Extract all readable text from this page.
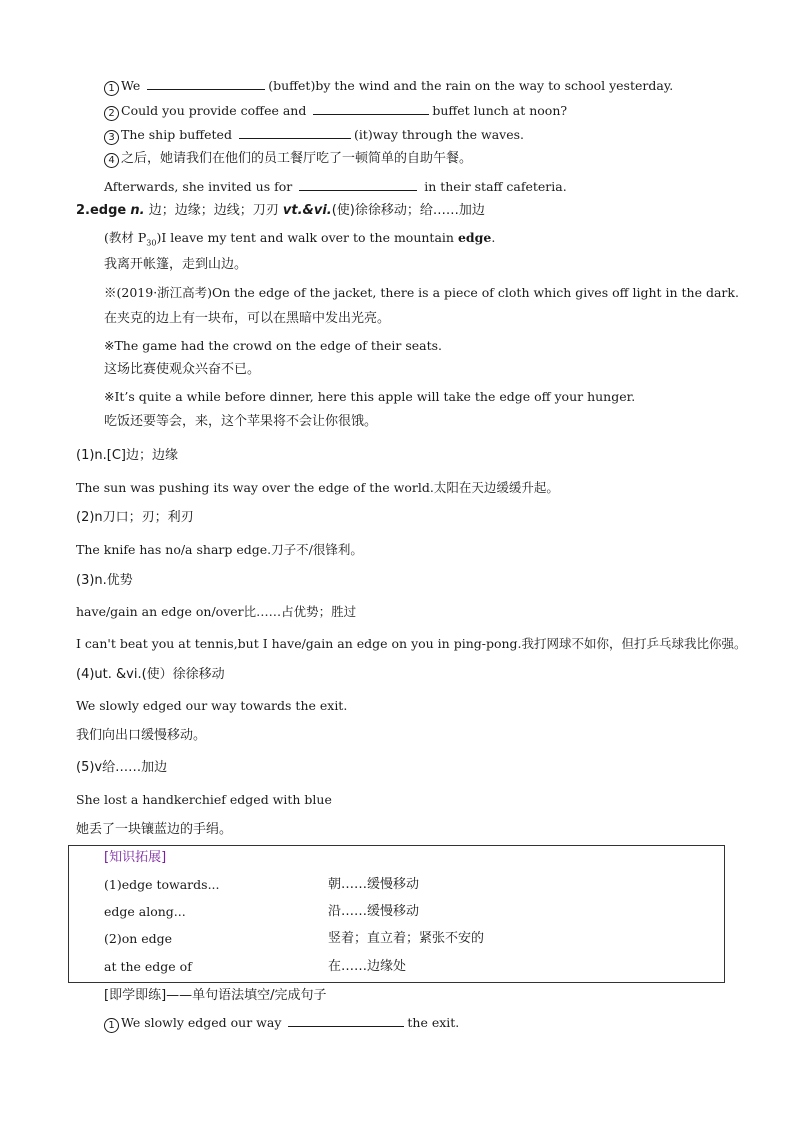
1 We	(buffet)by the wind and the rain on the way to school yesterday.
2 Could you provide coffee and	buffet lunch at noon?
3 The ship buffeted	(it)way through the waves.
4 之后，她请我们在他们的员工餐厅吃了一顿简单的自助午餐。
Afterwards, she invited us for	in their staff cafeteria.
2.edge n. 边；边缘；边线；刀刃 vt.&vi.(使)徐徐移动；给……加边
(教材 $P_{30})I$ leave my tent and walk over to the mountain edge.
我离开帐篷，走到山边。
※(2019·浙江高考)On the edge of the jacket, there is a piece of cloth which gives off light in the dark.
在夹克的边上有一块布，可以在黑暗中发出光亮。
※The game had the crowd on the edge of their seats.
这场比赛使观众兴奋不已。
※It’s quite a while before dinner, here this apple will take the edge off your hunger.
吃饭还要等会，来，这个苹果将不会让你很饿。
(1)n.[C]边；边缘
The sun was pushing its way over the edge of the world.太阳在天边缓缓升起。
(2)n刀口；刃；利刃
The knife has no/a sharp edge.刀子不/很锋利。
(3)n.优势
have/gain an edge on/over比……占优势；胜过
I can't beat you at tennis,but I have/gain an edge on you in ping-pong.我打网球不如你，但打乒乓球我比你强。
(4)ut. &vi.(使）徐徐移动
We slowly edged our way towards the exit.
我们向出口缓慢移动。
(5)v给……加边
She lost a handkerchief edged with blue
她丢了一块镶蓝边的手绢。
[知识拓展]
(1)edge towards...	朝……缓慢移动
edge along...	沿……缓慢移动
(2)on edge	竖着；直立着；紧张不安的
at the edge of	在……边缘处
[即学即练]——单句语法填空/完成句子
1 We slowly edged our way	the exit.
